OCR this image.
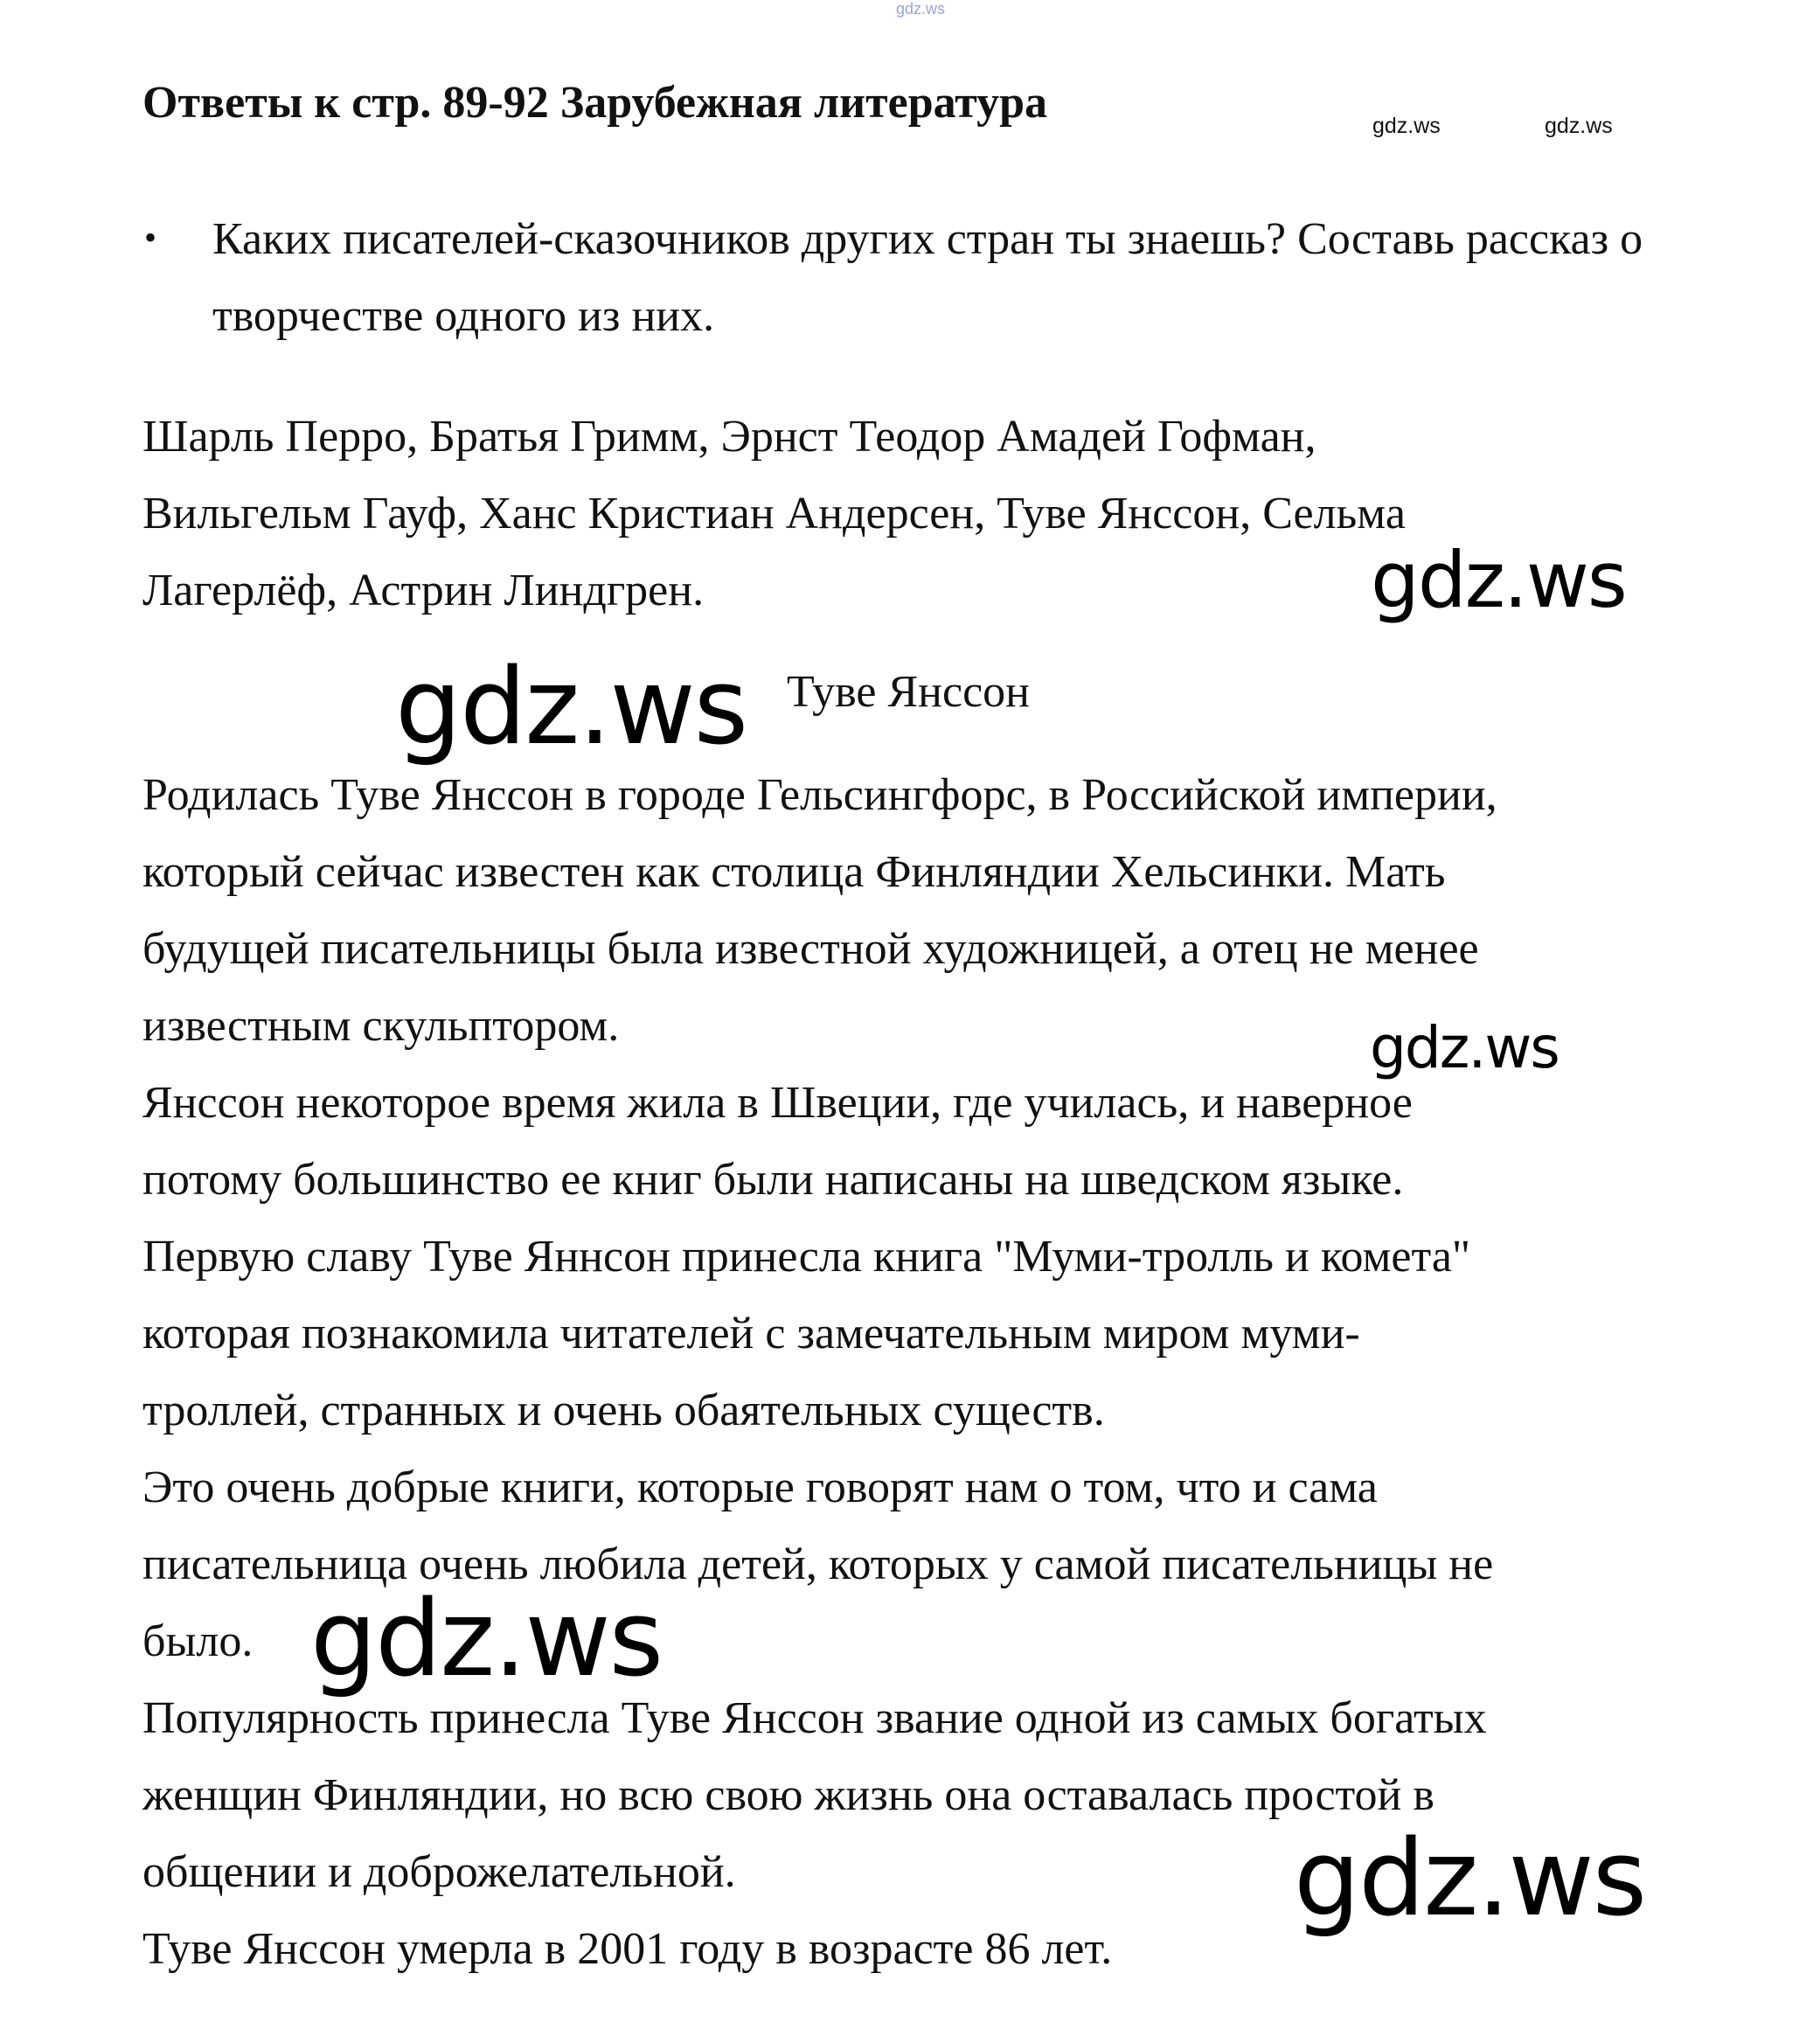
gdz.ws
Ответы к стр. 89-92 Зарубежная литература	gdz.ws	gdz.ws
• Каких писателей-сказочников других стран ты знаешь? Составь рассказ о творчестве одного из них.
Шарль Перро, Братья Гримм, Эрнст Теодор Амадей Гофман,
Вильгельм Гауф, Ханс Кристиан Андерсен, Туве Янссон, Сельма
Лагерлёф, Астрин Линдгрен.	gdz.ws
gdz.ws Туве Янссон
Родилась Туве Янссон в городе Гельсингфорс, в Российской империи,
который сейчас известен как столица Финляндии Хельсинки. Мать
будущей писательницы была известной художницей, а отец не менее
известным скульптором.	gdz.ws
Янссон некоторое время жила в Швеции, где училась, и наверное
потому большинство ее книг были написаны на шведском языке.
Первую славу Туве Яннсон принесла книга "Муми-тролль и комета"
которая познакомила читателей с замечательным миром муми-
троллей, странных и очень обаятельных существ.
Это очень добрые книги, которые говорят нам о том, что и сама
писательница очень любила детей, которых у самой писательницы не
было. gdz.ws
Популярность принесла Туве Янссон звание одной из самых богатых
женщин Финляндии, но всю свою жизнь она оставалась простой в
общении и доброжелательной.
Туве Янссон умерла в 2001 году в возрасте 86 лет.
gdz.ws
